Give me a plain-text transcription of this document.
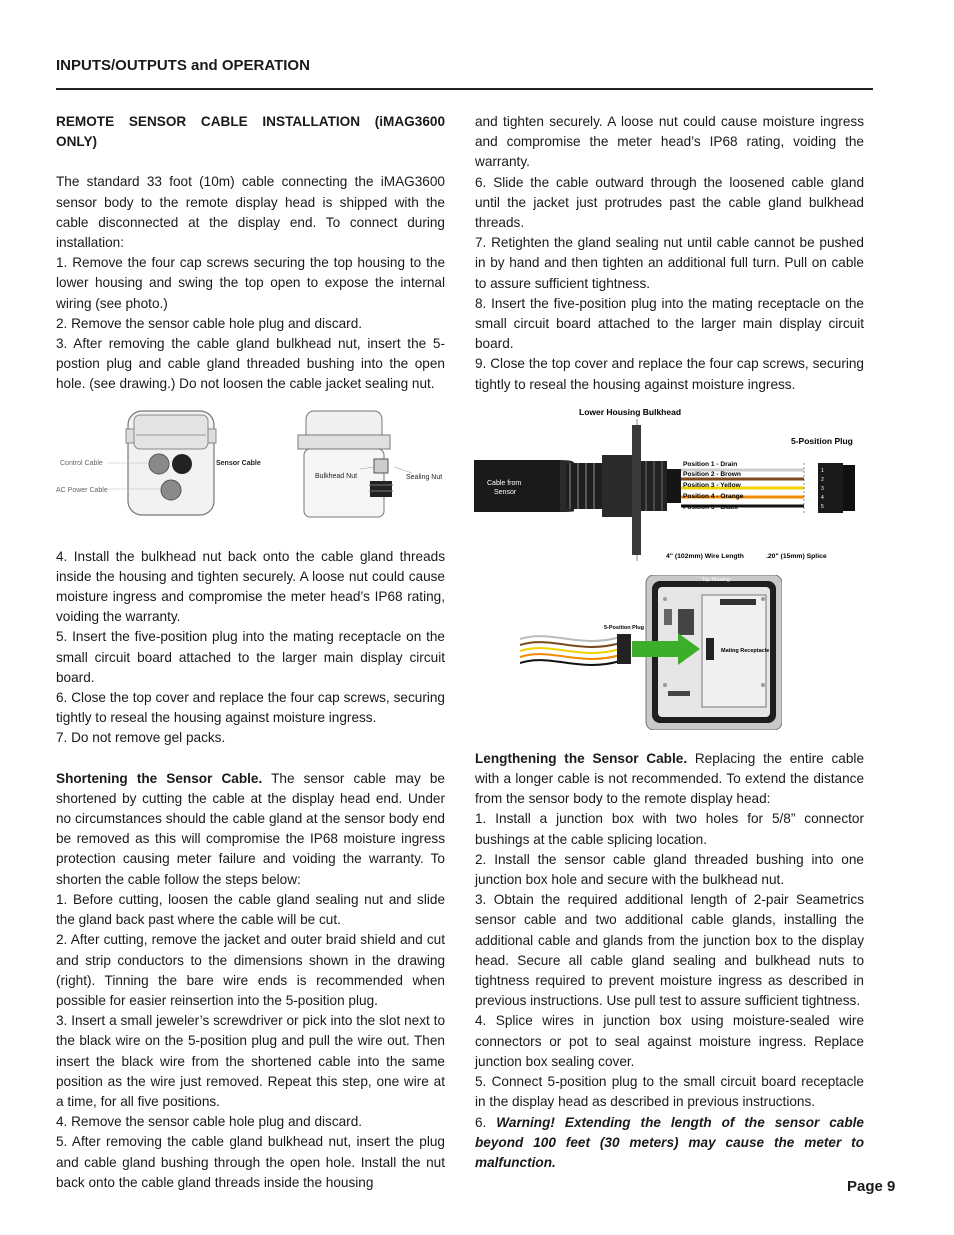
INPUTS/OUTPUTS and OPERATION

REMOTE SENSOR CABLE INSTALLATION (iMAG3600 ONLY)

The standard 33 foot (10m) cable connecting the iMAG3600 sensor body to the remote display head is shipped with the cable disconnected at the display end. To connect during installation:

1. Remove the four cap screws securing the top housing to the lower housing and swing the top open to expose the internal wiring (see photo.)

2. Remove the sensor cable hole plug and discard.

3. After removing the cable gland bulkhead nut, insert the 5-postion plug and cable gland threaded bushing into the open hole. (see drawing.) Do not loosen the cable jacket sealing nut.

4. Install the bulkhead nut back onto the cable gland threads inside the housing and tighten securely. A loose nut could cause moisture ingress and compromise the meter head’s IP68 rating, voiding the warranty.

5. Insert the five-position plug into the mating receptacle on the small circuit board attached to the larger main display circuit board.

6. Close the top cover and replace the four cap screws, securing tightly to reseal the housing against moisture ingress.

7. Do not remove gel packs.

Shortening the Sensor Cable. The sensor cable may be shortened by cutting the cable at the display head end. Under no circumstances should the cable gland at the sensor body end be removed as this will compromise the IP68 moisture ingress protection causing meter failure and voiding the warranty. To shorten the cable follow the steps below:

1. Before cutting, loosen the cable gland sealing nut and slide the gland back past where the cable will be cut.

2. After cutting, remove the jacket and outer braid shield and cut and strip conductors to the dimensions shown in the drawing (right). Tinning the bare wire ends is recommended when possible for easier reinsertion into the 5-position plug.

3. Insert a small jeweler’s screwdriver or pick into the slot next to the black wire on the 5-position plug and pull the wire out. Then insert the black wire from the shortened cable into the same position as the wire just removed. Repeat this step, one wire at a time, for all five positions.

4. Remove the sensor cable hole plug and discard.

5. After removing the cable gland bulkhead nut, insert the plug and cable gland bushing through the open hole. Install the nut back onto the cable gland threads inside the housing

and tighten securely. A loose nut could cause moisture ingress and compromise the meter head’s IP68 rating, voiding the warranty.

6. Slide the cable outward through the loosened cable gland until the jacket just protrudes past the cable gland bulkhead threads.

7. Retighten the gland sealing nut until cable cannot be pushed in by hand and then tighten an additional full turn. Pull on cable to assure sufficient tightness.

8. Insert the five-position plug into the mating receptacle on the small circuit board attached to the larger main display circuit board.

9. Close the top cover and replace the four cap screws, securing tightly to reseal the housing against moisture ingress.

Lengthening the Sensor Cable. Replacing the entire cable with a longer cable is not recommended. To extend the distance from the sensor body to the remote display head:

1. Install a junction box with two holes for 5/8” connector bushings at the cable splicing location.

2. Install the sensor cable gland threaded bushing into one junction box hole and secure with the bulkhead nut.

3. Obtain the required additional length of 2-pair Seametrics sensor cable and two additional cable glands, installing the additional cable and glands from the junction box to the display head. Secure all cable gland sealing and bulkhead nuts to tightness required to prevent moisture ingress as described in previous instructions. Use pull test to assure sufficient tightness.

4. Splice wires in junction box using moisture-sealed wire connectors or pot to seal against moisture ingress. Replace junction box sealing cover.

5. Connect 5-position plug to the small circuit board receptacle in the display head as described in previous instructions.

6. Warning! Extending the length of the sensor cable beyond 100 feet (30 meters) may cause the meter to malfunction.

Control Cable
AC Power Cable
Sensor Cable
Bulkhead Nut	Sealing Nut
Lower Housing Bulkhead
5-Position Plug
Cable from
Sensor
Position 1 - Drain
Position 2 - Brown
Position 3 - Yellow
Position 4 - Orange
Position 5 - Black
1
2
3
4
5
4" (102mm) Wire Length	.20" (15mm) Splice
5-Position Plug
Top Housing
Mating Receptacle
Page 9
